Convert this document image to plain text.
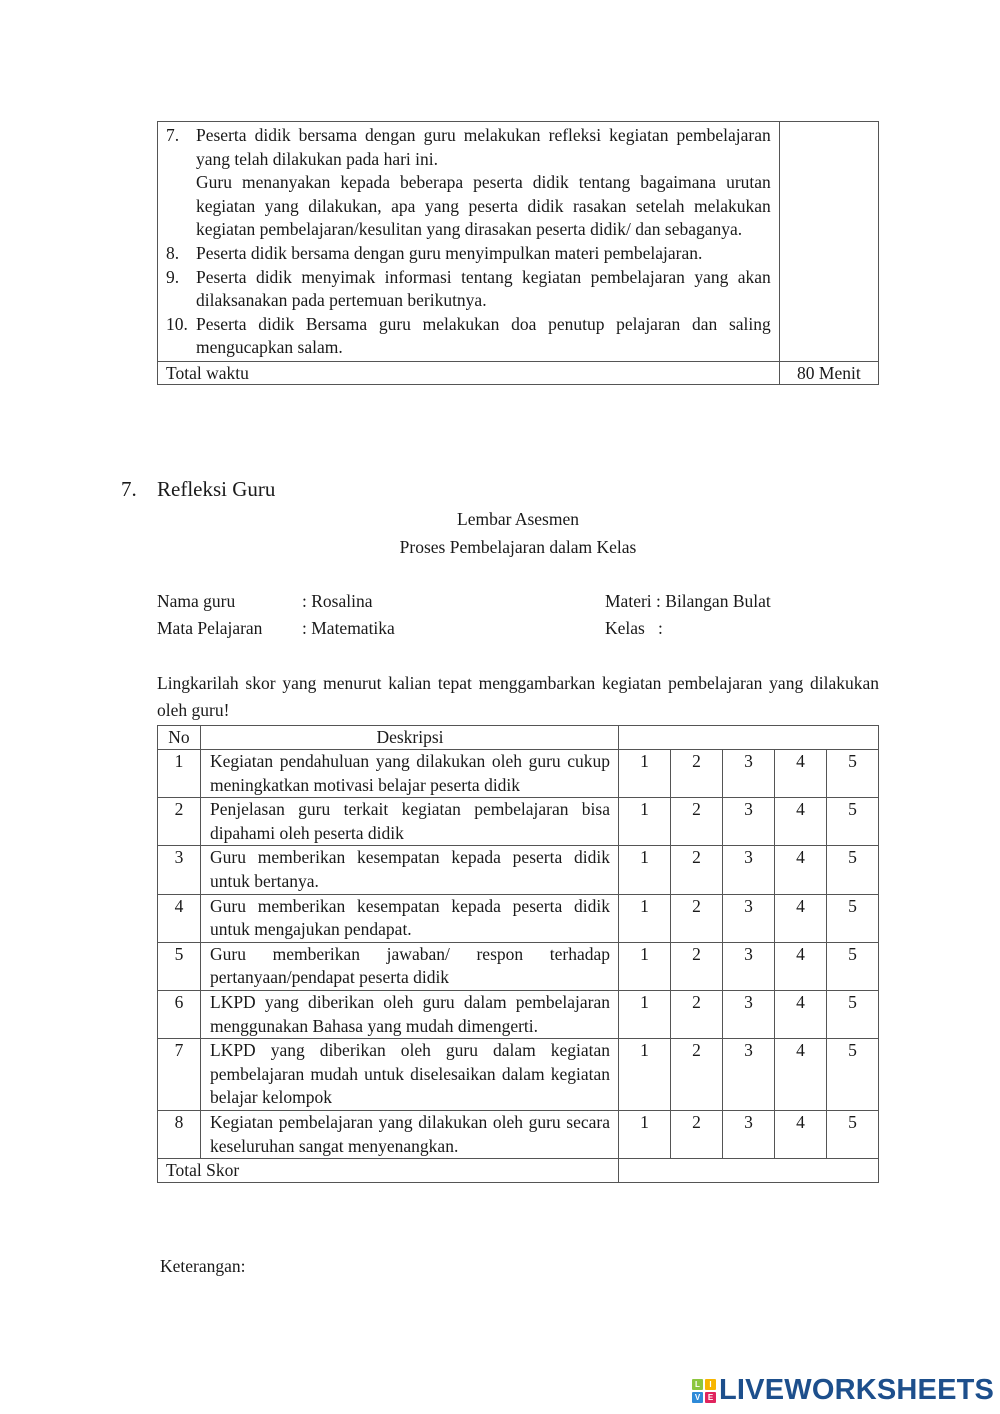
7. Peserta didik bersama dengan guru melakukan refleksi kegiatan pembelajaran yang telah dilakukan pada hari ini.

Guru menanyakan kepada beberapa peserta didik tentang bagaimana urutan kegiatan yang dilakukan, apa yang peserta didik rasakan setelah melakukan kegiatan pembelajaran/kesulitan yang dirasakan peserta didik/ dan sebaganya.

8. Peserta didik bersama dengan guru menyimpulkan materi pembelajaran.

9. Peserta didik menyimak informasi tentang kegiatan pembelajaran yang akan dilaksanakan pada pertemuan berikutnya.

10. Peserta didik Bersama guru melakukan doa penutup pelajaran dan saling mengucapkan salam.

Total waktu	80 Menit
7. Refleksi Guru
Lembar Asesmen
Proses Pembelajaran dalam Kelas
Nama guru	: Rosalina
Mata Pelajaran : Matematika
Materi : Bilangan Bulat
Kelas :
Lingkarilah skor yang menurut kalian tepat menggambarkan kegiatan pembelajaran yang dilakukan oleh guru!
No	Deskripsi					
1	Kegiatan pendahuluan yang dilakukan oleh guru cukup meningkatkan motivasi belajar peserta didik	1	2	3	4	5
2	Penjelasan guru terkait kegiatan pembelajaran bisa dipahami oleh peserta didik	1	2	3	4	5
3	Guru memberikan kesempatan kepada peserta didik untuk bertanya.	1	2	3	4	5
4	Guru memberikan kesempatan kepada peserta didik untuk mengajukan pendapat.	1	2	3	4	5
5	Guru memberikan jawaban/ respon terhadap pertanyaan/pendapat peserta didik	1	2	3	4	5
6	LKPD yang diberikan oleh guru dalam pembelajaran menggunakan Bahasa yang mudah dimengerti.	1	2	3	4	5
7	LKPD yang diberikan oleh guru dalam kegiatan pembelajaran mudah untuk diselesaikan dalam kegiatan belajar kelompok	1	2	3	4	5
8	Kegiatan pembelajaran yang dilakukan oleh guru secara keseluruhan sangat menyenangkan.	1	2	3	4	5
Total Skor						
Keterangan:
L	I
V E LIVEWORKSHEETS
